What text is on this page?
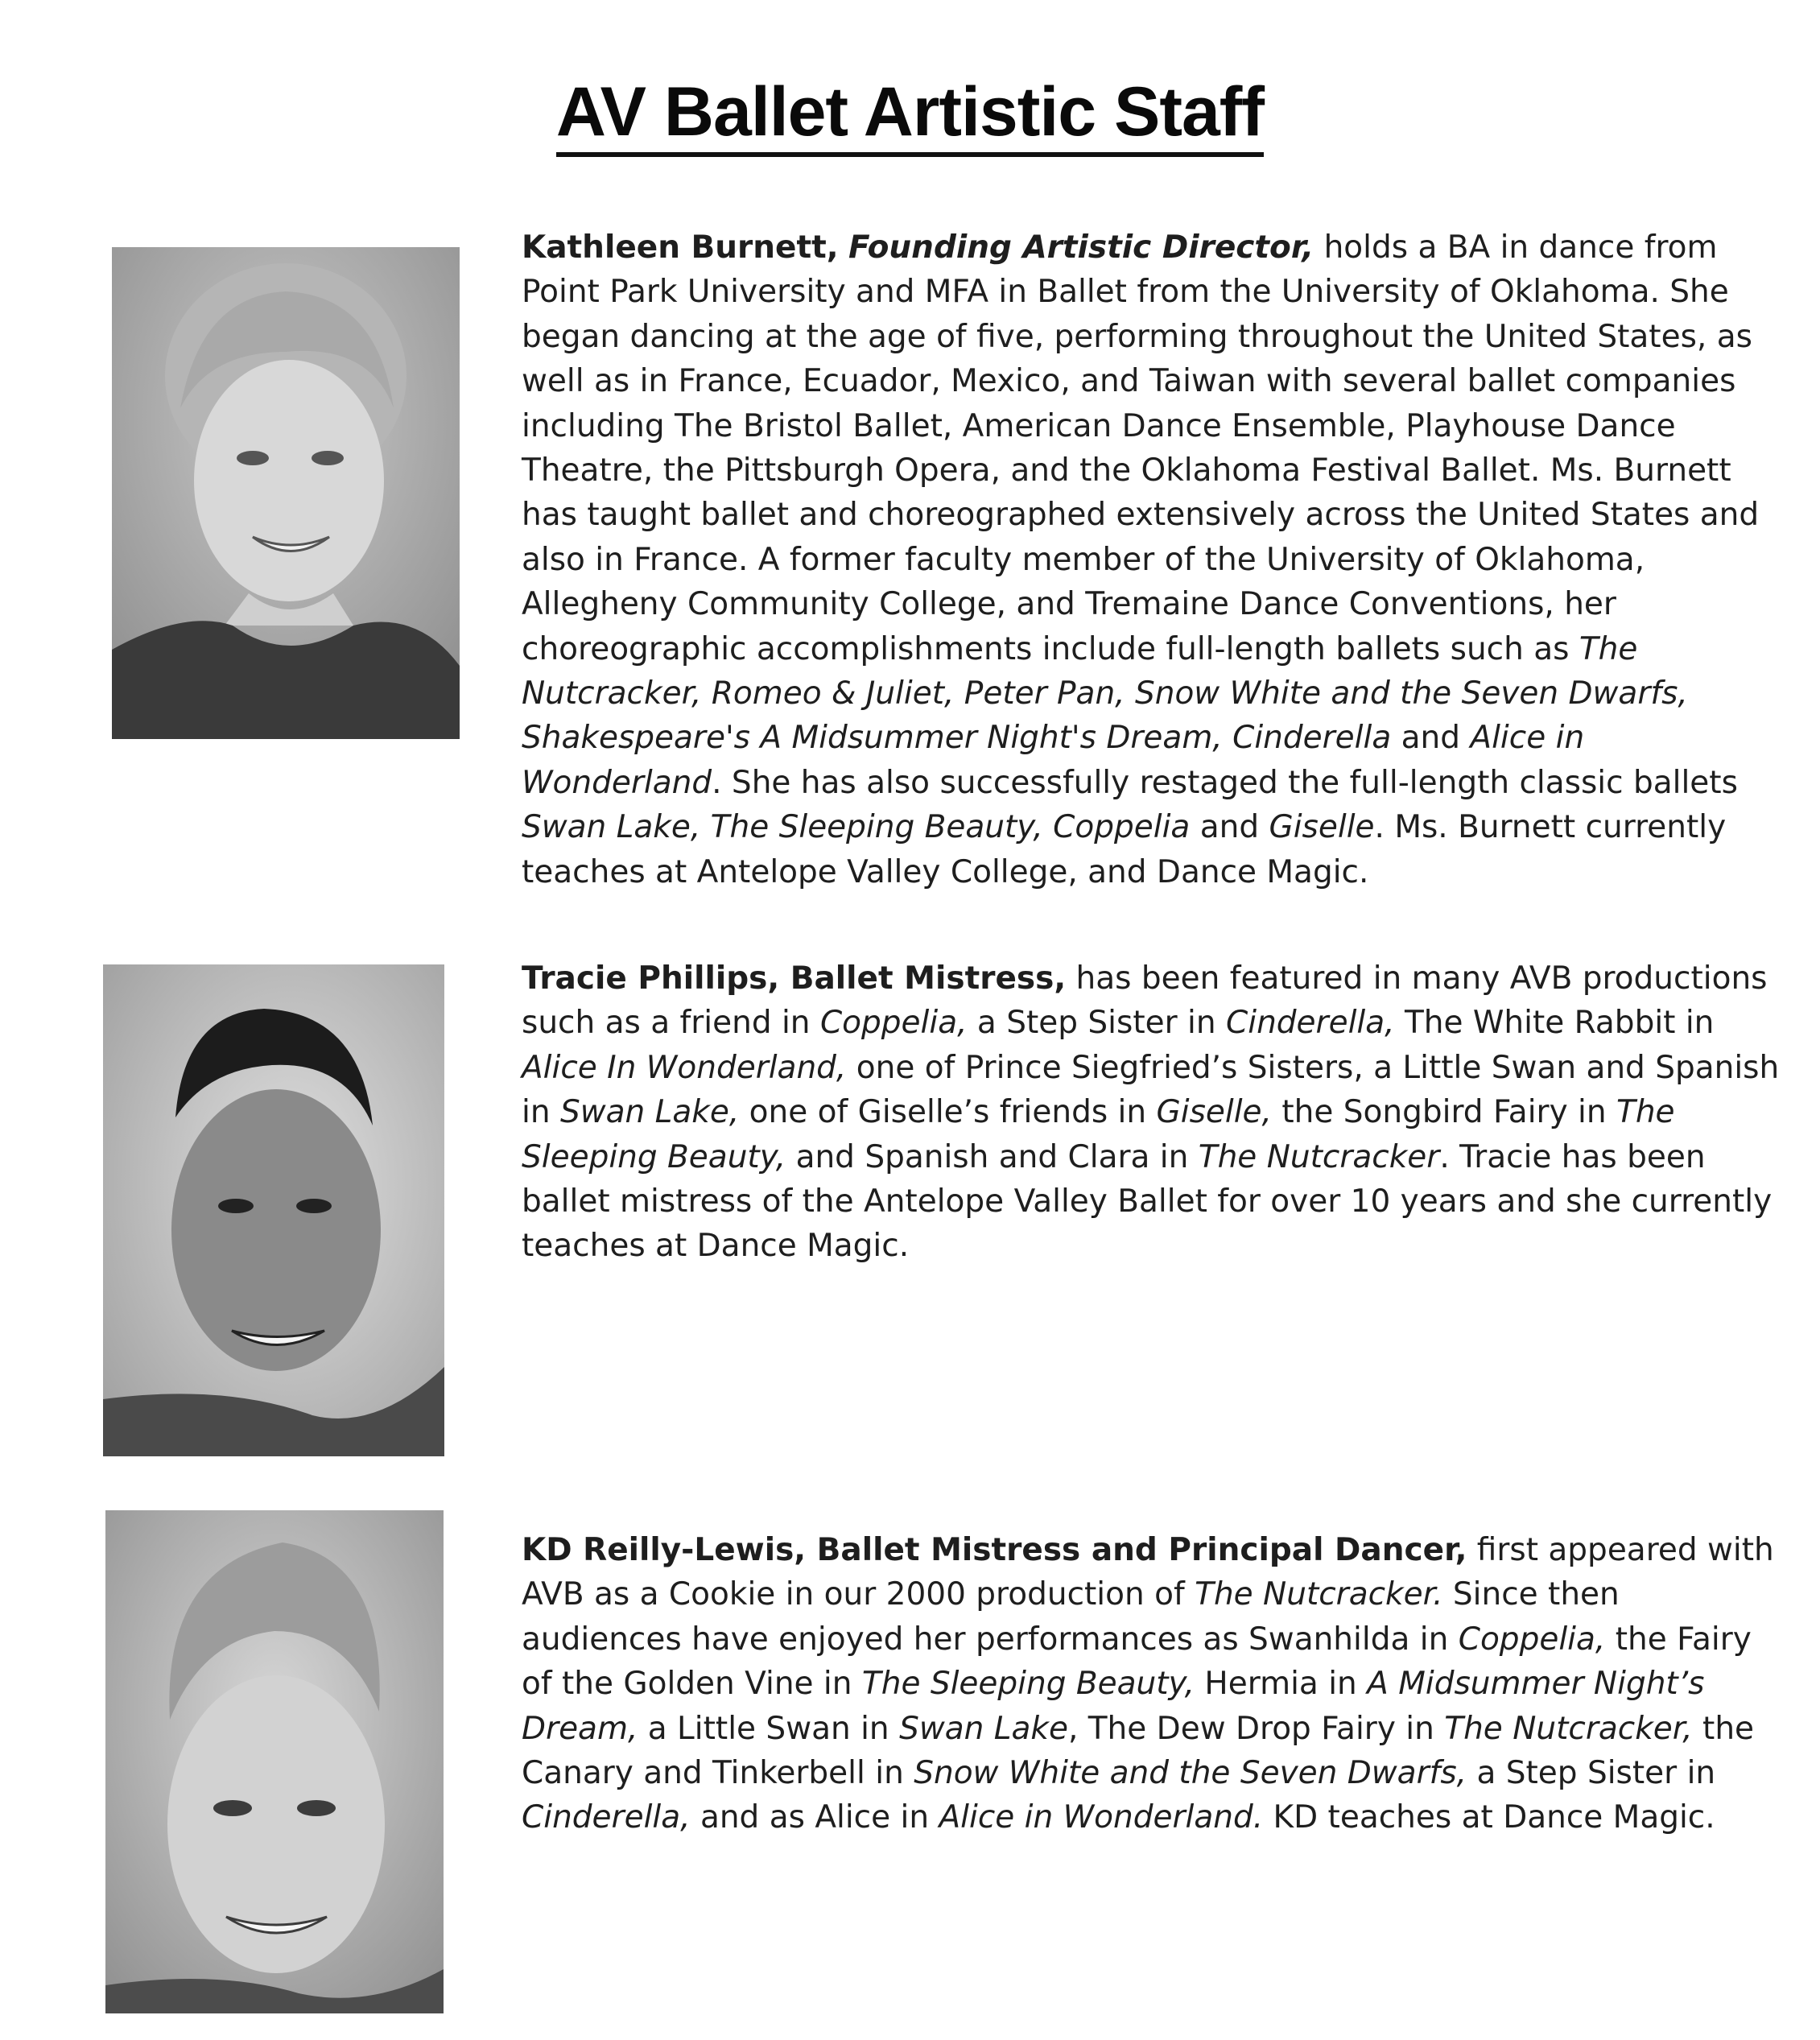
AV Ballet Artistic Staff

Kathleen Burnett, Founding Artistic Director, holds a BA in dance from Point Park University and MFA in Ballet from the University of Oklahoma. She began dancing at the age of five, performing throughout the United States, as well as in France, Ecuador, Mexico, and Taiwan with several ballet companies including The Bristol Ballet, American Dance Ensemble, Playhouse Dance Theatre, the Pittsburgh Opera, and the Oklahoma Festival Ballet. Ms. Burnett has taught ballet and choreographed extensively across the United States and also in France. A former faculty member of the University of Oklahoma, Allegheny Community College, and Tremaine Dance Conventions, her choreographic accomplishments include full-length ballets such as The Nutcracker, Romeo & Juliet, Peter Pan, Snow White and the Seven Dwarfs, Shakespeare's A Midsummer Night's Dream, Cinderella and Alice in Wonderland. She has also successfully restaged the full-length classic ballets Swan Lake, The Sleeping Beauty, Coppelia and Giselle. Ms. Burnett currently teaches at Antelope Valley College, and Dance Magic.

Tracie Phillips, Ballet Mistress, has been featured in many AVB productions such as a friend in Coppelia, a Step Sister in Cinderella, The White Rabbit in Alice In Wonderland, one of Prince Siegfried’s Sisters, a Little Swan and Spanish in Swan Lake, one of Giselle’s friends in Giselle, the Songbird Fairy in The Sleeping Beauty, and Spanish and Clara in The Nutcracker. Tracie has been ballet mistress of the Antelope Valley Ballet for over 10 years and she currently teaches at Dance Magic.

KD Reilly-Lewis, Ballet Mistress and Principal Dancer, first appeared with AVB as a Cookie in our 2000 production of The Nutcracker. Since then audiences have enjoyed her performances as Swanhilda in Coppelia, the Fairy of the Golden Vine in The Sleeping Beauty, Hermia in A Midsummer Night’s Dream, a Little Swan in Swan Lake, The Dew Drop Fairy in The Nutcracker, the Canary and Tinkerbell in Snow White and the Seven Dwarfs, a Step Sister in Cinderella, and as Alice in Alice in Wonderland. KD teaches at Dance Magic.
